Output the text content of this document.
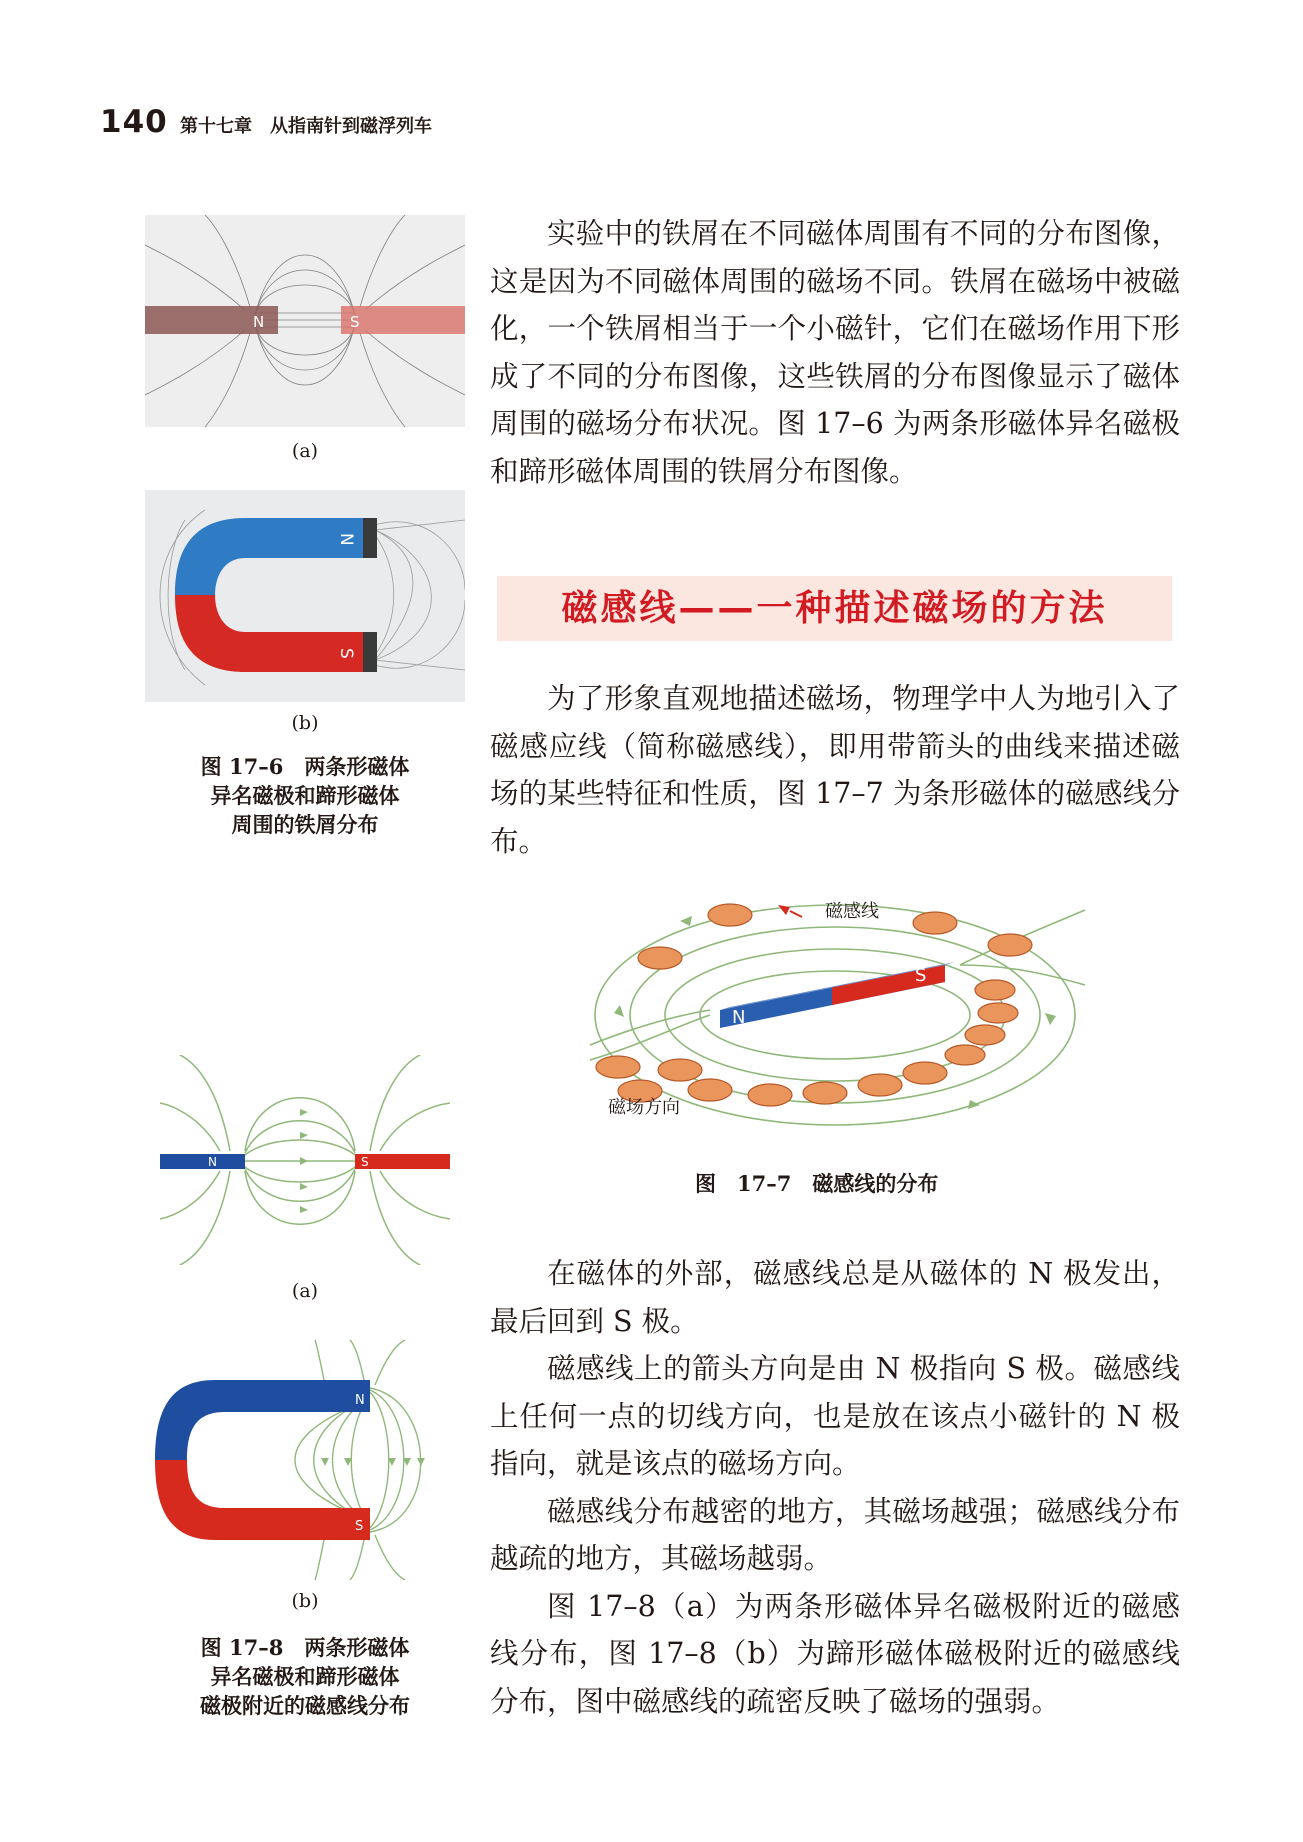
140 第十七章　从指南针到磁浮列车
N	S
(a)
N
S
(b)
图 17–6　两条形磁体
异名磁极和蹄形磁体
周围的铁屑分布

实验中的铁屑在不同磁体周围有不同的分布图像，这是因为不同磁体周围的磁场不同。铁屑在磁场中被磁化，一个铁屑相当于一个小磁针，它们在磁场作用下形成了不同的分布图像，这些铁屑的分布图像显示了磁体周围的磁场分布状况。图 17–6 为两条形磁体异名磁极和蹄形磁体周围的铁屑分布图像。

磁感线——一种描述磁场的方法

为了形象直观地描述磁场，物理学中人为地引入了磁感应线（简称磁感线），即用带箭头的曲线来描述磁场的某些特征和性质，图 17–7 为条形磁体的磁感线分布。

N
S
磁感线
磁场方向
图　17–7　磁感线的分布
N	S
(a)
N
S
(b)
图 17–8　两条形磁体
异名磁极和蹄形磁体
磁极附近的磁感线分布

在磁体的外部，磁感线总是从磁体的 N 极发出，最后回到 S 极。

磁感线上的箭头方向是由 N 极指向 S 极。磁感线上任何一点的切线方向，也是放在该点小磁针的 N 极指向，就是该点的磁场方向。

磁感线分布越密的地方，其磁场越强；磁感线分布越疏的地方，其磁场越弱。

图 17–8（a）为两条形磁体异名磁极附近的磁感线分布，图 17–8（b）为蹄形磁体磁极附近的磁感线分布，图中磁感线的疏密反映了磁场的强弱。
